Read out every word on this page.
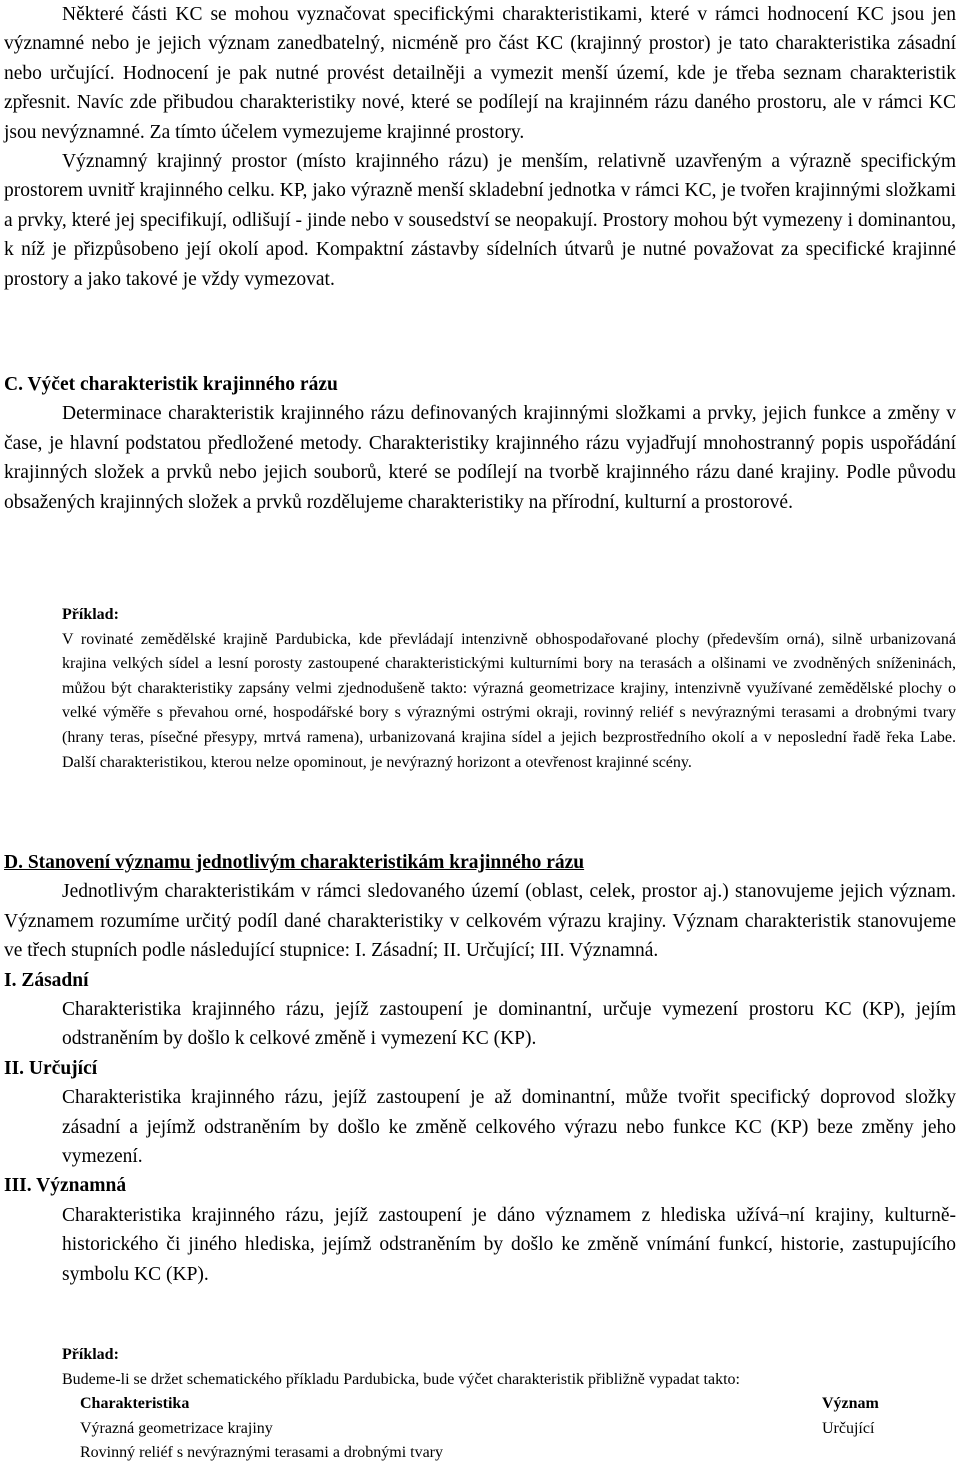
Některé části KC se mohou vyznačovat specifickými charakteristikami, které v rámci hodnocení KC jsou jen významné nebo je jejich význam zanedbatelný, nicméně pro část KC (krajinný prostor) je tato charakteristika zásadní nebo určující. Hodnocení je pak nutné provést detailněji a vymezit menší území, kde je třeba seznam charakteristik zpřesnit. Navíc zde přibudou charakteristiky nové, které se podílejí na krajinném rázu daného prostoru, ale v rámci KC jsou nevýznamné. Za tímto účelem vymezujeme krajinné prostory.

Významný krajinný prostor (místo krajinného rázu) je menším, relativně uzavřeným a výrazně specifickým prostorem uvnitř krajinného celku. KP, jako výrazně menší skladební jednotka v rámci KC, je tvořen krajinnými složkami a prvky, které jej specifikují, odlišují - jinde nebo v sousedství se neopakují. Prostory mohou být vymezeny i dominantou, k níž je přizpůsobeno její okolí apod. Kompaktní zástavby sídelních útvarů je nutné považovat za specifické krajinné prostory a jako takové je vždy vymezovat.

C. Výčet charakteristik krajinného rázu

Determinace charakteristik krajinného rázu definovaných krajinnými složkami a prvky, jejich funkce a změny v čase, je hlavní podstatou předložené metody. Charakteristiky krajinného rázu vyjadřují mnohostranný popis uspořádání krajinných složek a prvků nebo jejich souborů, které se podílejí na tvorbě krajinného rázu dané krajiny. Podle původu obsažených krajinných složek a prvků rozdělujeme charakteristiky na přírodní, kulturní a prostorové.

Příklad:

V rovinaté zemědělské krajině Pardubicka, kde převládají intenzivně obhospodařované plochy (především orná), silně urbanizovaná krajina velkých sídel a lesní porosty zastoupené charakteristickými kulturními bory na terasách a olšinami ve zvodněných sníženinách, můžou být charakteristiky zapsány velmi zjednodušeně takto: výrazná geometrizace krajiny, intenzivně využívané zemědělské plochy o velké výměře s převahou orné, hospodářské bory s výraznými ostrými okraji, rovinný reliéf s nevýraznými terasami a drobnými tvary (hrany teras, písečné přesypy, mrtvá ramena), urbanizovaná krajina sídel a jejich bezprostředního okolí a v neposlední řadě řeka Labe. Další charakteristikou, kterou nelze opominout, je nevýrazný horizont a otevřenost krajinné scény.

D. Stanovení významu jednotlivým charakteristikám krajinného rázu

Jednotlivým charakteristikám v rámci sledovaného území (oblast, celek, prostor aj.) stanovujeme jejich význam. Významem rozumíme určitý podíl dané charakteristiky v celkovém výrazu krajiny. Význam charakteristik stanovujeme ve třech stupních podle následující stupnice: I. Zásadní; II. Určující; III. Významná.

I. Zásadní

Charakteristika krajinného rázu, jejíž zastoupení je dominantní, určuje vymezení prostoru KC (KP), jejím odstraněním by došlo k celkové změně i vymezení KC (KP).

II. Určující

Charakteristika krajinného rázu, jejíž zastoupení je až dominantní, může tvořit specifický doprovod složky zásadní a jejímž odstraněním by došlo ke změně celkového výrazu nebo funkce KC (KP) beze změny jeho vymezení.

III. Významná

Charakteristika krajinného rázu, jejíž zastoupení je dáno významem z hlediska užívá¬ní krajiny, kulturně-historického či jiného hlediska, jejímž odstraněním by došlo ke změně vnímání funkcí, historie, zastupujícího symbolu KC (KP).

Příklad:

Budeme-li se držet schematického příkladu Pardubicka, bude výčet charakteristik přibližně vypadat takto:

Charakteristika	Význam
Výrazná geometrizace krajiny	Určující
Rovinný reliéf s nevýraznými terasami a drobnými tvary
